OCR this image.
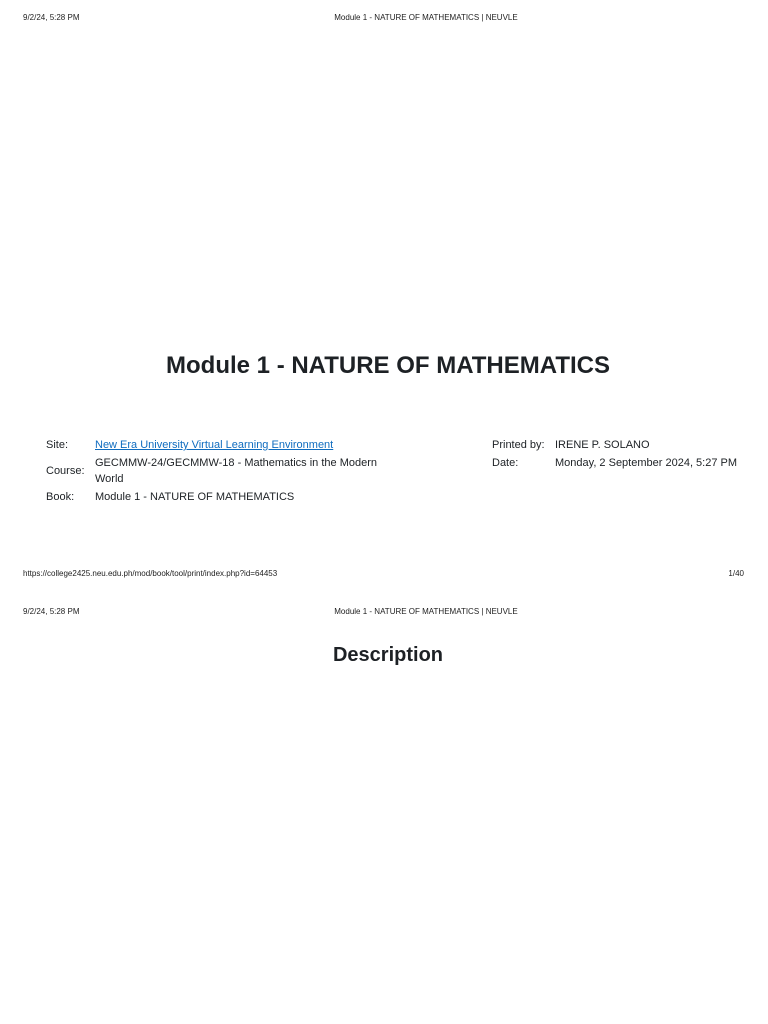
9/2/24, 5:28 PM	Module 1 - NATURE OF MATHEMATICS | NEUVLE
Module 1 - NATURE OF MATHEMATICS
Site: New Era University Virtual Learning Environment
Course:
GECMMW-24/GECMMW-18 - Mathematics in the Modern World
Book: Module 1 - NATURE OF MATHEMATICS
Printed by: IRENE P. SOLANO
Date:	Monday, 2 September 2024, 5:27 PM
https://college2425.neu.edu.ph/mod/book/tool/print/index.php?id=64453	1/40
9/2/24, 5:28 PM	Module 1 - NATURE OF MATHEMATICS | NEUVLE
Description
